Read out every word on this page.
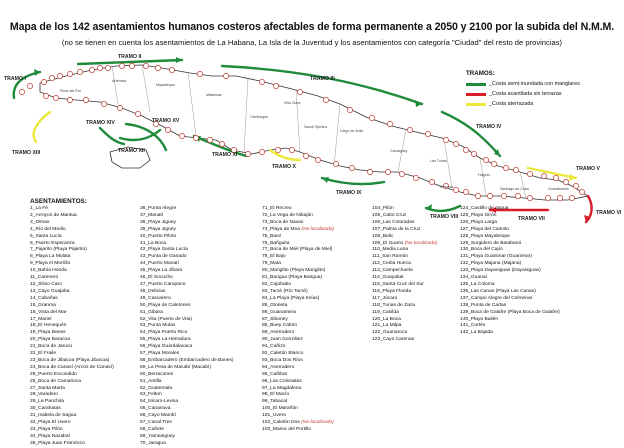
Mapa de los 142 asentamientos humanos costeros afectables de forma permanente a 2050 y 2100 por la subida del N.M.M.
(no se tienen en cuenta los asentamientos de La Habana, La Isla de la Juventud y los asentamientos con categoría "Ciudad" del resto de provincias)
TRAMO I
TRAMO II
TRAMO III
TRAMO IV
TRAMO V
TRAMO VI
TRAMO VII
TRAMO VIII
TRAMO IX
TRAMO X
TRAMO XI
TRAMO XII
TRAMO XIII
TRAMO XIV	TRAMO XV
Pinar del Río
Artemisa
Mayabeque
Matanzas
Cienfuegos
Villa Clara
Sancti Spíritus
Ciego de Ávila
Camagüey
Las Tunas
Holguín
Granma	Santiago de Cuba	Guantánamo
TRAMOS:
_Costa semi-inundada con manglares
_Costa acantilada sin terrazas
_Costa aterrazada
ASENTAMIENTOS:
1_La Fé
2_Arroyos de Mantua
3_Dimas
4_Río del Medio
5_Santa Lucía
6_Puerto Esperanza
7_Pajarito (Playa Pajarito)
8_Playa La Mulata
9_Playa el Morrillo
10_Bahía Honda
11_Carenero
12_Silvio Caro
13_Cayo Guajaba
14_Cabañas
15_Granma
16_Vista del Mar
17_Mariel
18_El Henequén
19_Playa Banes
20_Playa Baracoa
21_Boca de Jaruco
22_El Fraile
23_Boca de Jibacoa (Playa Jibacoa)
24_Boca de Canasí (Arcos de Canasí)
25_Puerto Escondido
26_Boca de Camarioca
27_Santa Marta
28_Varadero
29_La Panchita
30_Carahatas
31_Isabela de Sagua
32_Playa El Uvero
33_Playa Pilón
34_Playa Nazabal
35_Playa Juan Francisco
36_Punta Alegre
37_Manatí
38_Playa Jiguey
39_Playa Jigüey
40_Puerto Piloto
41_La Boca
42_Playa Santa Lucía
43_Punta de Ganado
44_Puerto Manatí
45_Playa La Jíbara
46_El Socucho
47_Puerto Carupano
48_Delicias
49_Cascarero
50_Playa de Caletones
51_Gibara
52_Vita (Puerto de Vita)
53_Punta Mulas
54_Playa Puerto Rico
55_Playa La Herradura
56_Playa Guardalavaca
57_Playa Morales
58_Embarcadero (Embarcadero de Banes)
59_La Pesa de Macabí (Macabí)
60_Berracones
61_Antilla
62_Guatemala
63_Felton
64_Nicaro-Levisa
65_Cananova
66_Cayo Mambí
67_Canal Tres
68_Cañete
69_Yamanigüey
70_Jaragua
71_El Recreo
72_La Vega de Nibaján
73_Boca de Navas
74_Playa de Moa (No localizado)
75_Baez
76_Bañguita
77_Boca de Miel (Playa de Miel)
78_El Bajo
79_Mata
80_Manglito (Playa Manglito)
81_Barigua (Playa Barigua)
82_Cajobabo
83_Tacrè (Río Tacré)
84_La Playa (Playa Imías)
85_Glorieta
86_Guanamera
87_Siboney
88_Buey Cabón
89_Aserradero
90_Juan González
91_Cañizo
92_Caletón Blanco
93_Boca Dos Ríos
94_Aserradero
95_Cañibar
96_Las Coloradas
97_La Magdalena
98_El Macío
99_Tabacal
100_El Marañón
101_Uvero
102_Caletón Dos (No localizado)
103_Marea del Portillo
104_Pilón
105_Cabo Cruz
106_Las Coloradas
107_Palma de la Cruz
108_Belic
109_El Guano (No localizado)
110_Media Luna
111_San Ramón
112_Ceiba Hueca
113_Campechuela
114_Guayabal
115_Santa Cruz del Sur
116_Playa Florida
117_Júcaro
118_Tunas de Zaza
119_Casilda
120_La Boca
121_La Milpa
122_Guanaroca
123_Cayo Carenas
124_Castillo de Jagua
125_Playa Girón
126_Playa Larga
127_Playa del Caimito
128_Playa Mayabeque
129_Surgidero de Batabanó
130_Boca del Cajío
131_Playa Guanimar (Guanimar)
132_Playa Majana (Majana)
133_Playa Dayaniguas (Dayaniguas)
134_Guanal
135_La Coloma
136_Las Canas (Playa Las Canas)
137_Campo Alegre del Colmenar
138_Punta de Cartas
139_Boca de Galafre (Playa Boca de Galafre)
140_Playa Bailén
141_Cortés
142_La Bajada
